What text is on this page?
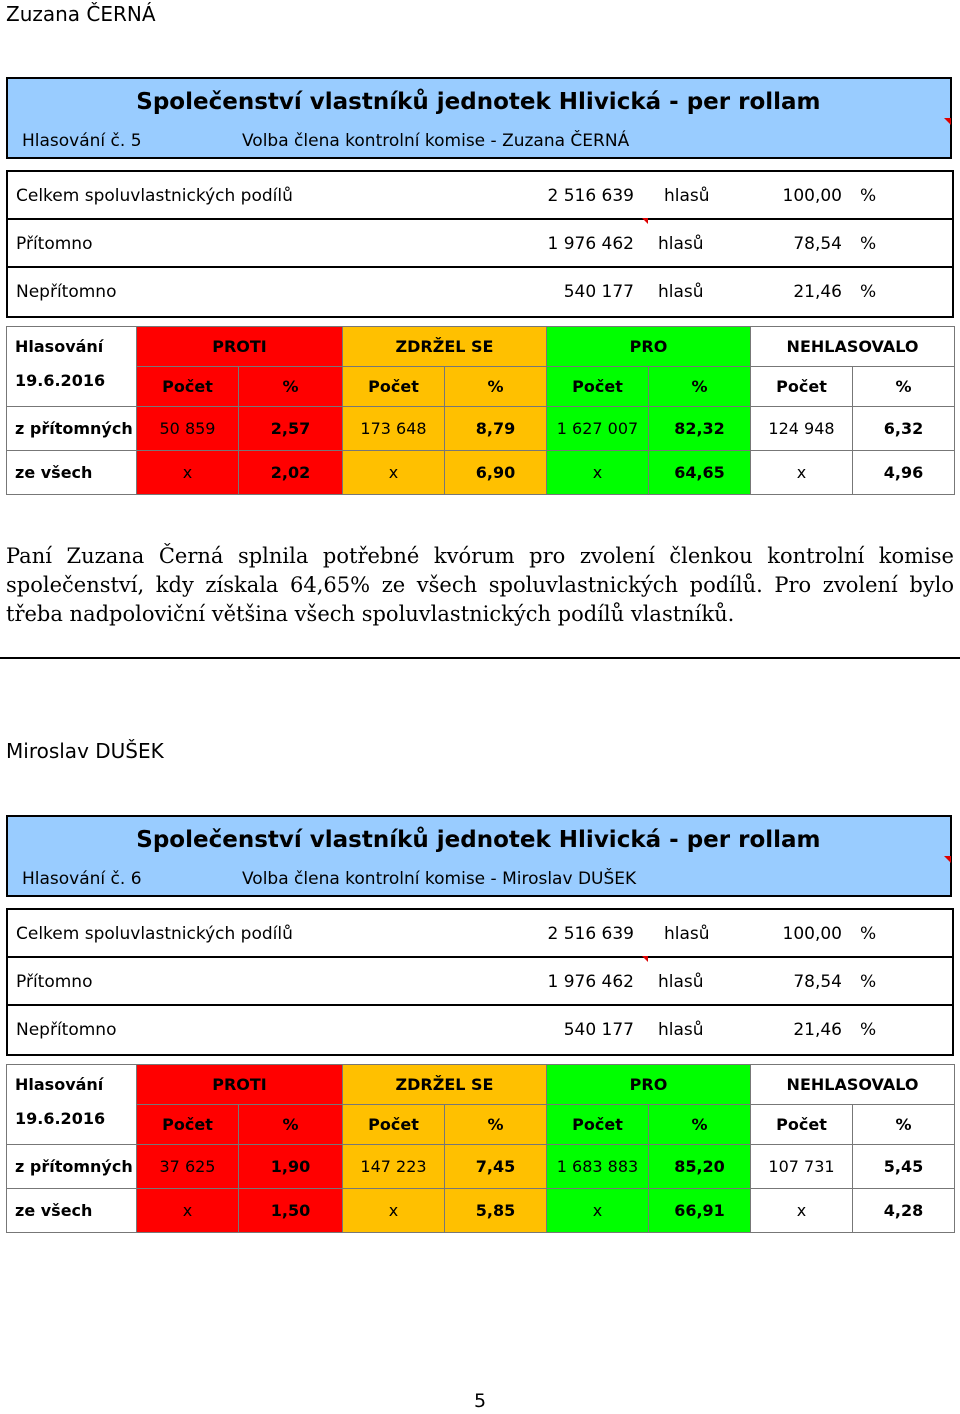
Zuzana ČERNÁ
Společenství vlastníků jednotek Hlivická - per rollam
Hlasování č. 5	Volba člena kontrolní komise - Zuzana ČERNÁ
Celkem spoluvlastnických podílů	2 516 639 hlasů	100,00 %
Přítomno	1 976 462 hlasů	78,54 %
Nepřítomno	540 177 hlasů	21,46 %
Hlasování	PROTI		ZDRŽEL SE		PRO		NEHLASOVALO	
19.6.2016	Počet	%	Počet	%	Počet	%	Počet	%
z přítomných	50 859	2,57	173 648	8,79	1 627 007	82,32	124 948	6,32
ze všech	x	2,02	x	6,90	x	64,65	x	4,96
Paní Zuzana Černá splnila potřebné kvórum pro zvolení členkou kontrolní komise společenství, kdy získala 64,65% ze všech spoluvlastnických podílů. Pro zvolení bylo třeba nadpoloviční většina všech spoluvlastnických podílů vlastníků.
Miroslav DUŠEK
Společenství vlastníků jednotek Hlivická - per rollam
Hlasování č. 6	Volba člena kontrolní komise - Miroslav DUŠEK
Celkem spoluvlastnických podílů	2 516 639 hlasů	100,00 %
Přítomno	1 976 462 hlasů	78,54 %
Nepřítomno	540 177 hlasů	21,46 %
Hlasování	PROTI		ZDRŽEL SE		PRO		NEHLASOVALO	
19.6.2016	Počet	%	Počet	%	Počet	%	Počet	%
z přítomných	37 625	1,90	147 223	7,45	1 683 883	85,20	107 731	5,45
ze všech	x	1,50	x	5,85	x	66,91	x	4,28
5
